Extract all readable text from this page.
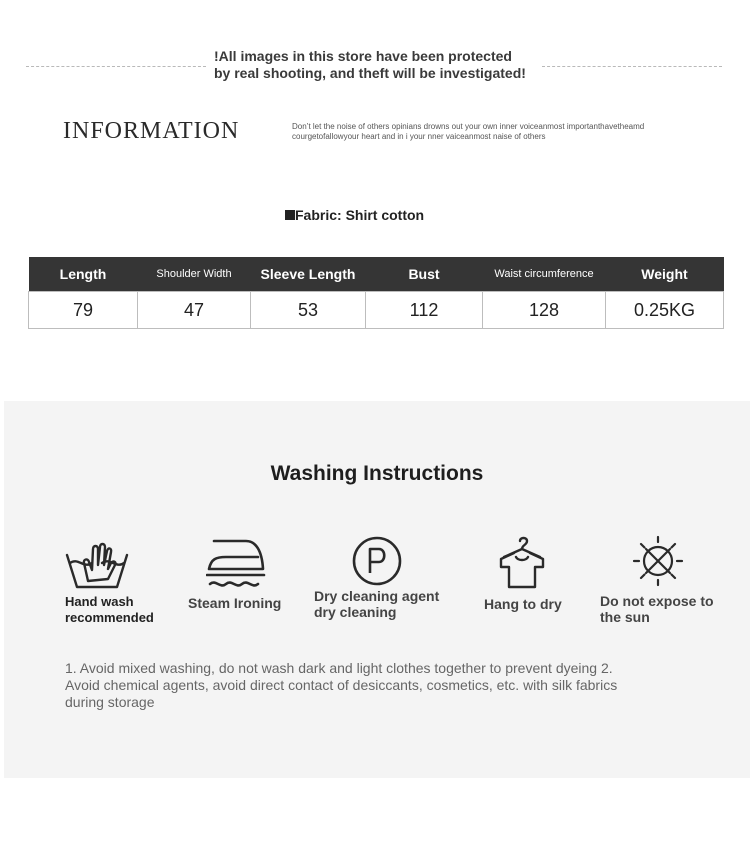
!All images in this store have been protected
by real shooting, and theft will be investigated!
INFORMATION	Don’t let the noise of others opinians drowns out your own inner voiceanmost importanthavetheamd
courgetofallowyour heart and in i your nner vaiceanmost naise of others
Fabric: Shirt cotton
Length	Shoulder Width	Sleeve Length	Bust	Waist circumference	Weight
79	47	53	112	128	0.25KG
Washing Instructions
Hand wash
recommended
Steam Ironing Dry cleaning agent
dry cleaning	Hang to dry	Do not expose to
the sun
1. Avoid mixed washing, do not wash dark and light clothes together to prevent dyeing 2.
Avoid chemical agents, avoid direct contact of desiccants, cosmetics, etc. with silk fabrics
during storage
